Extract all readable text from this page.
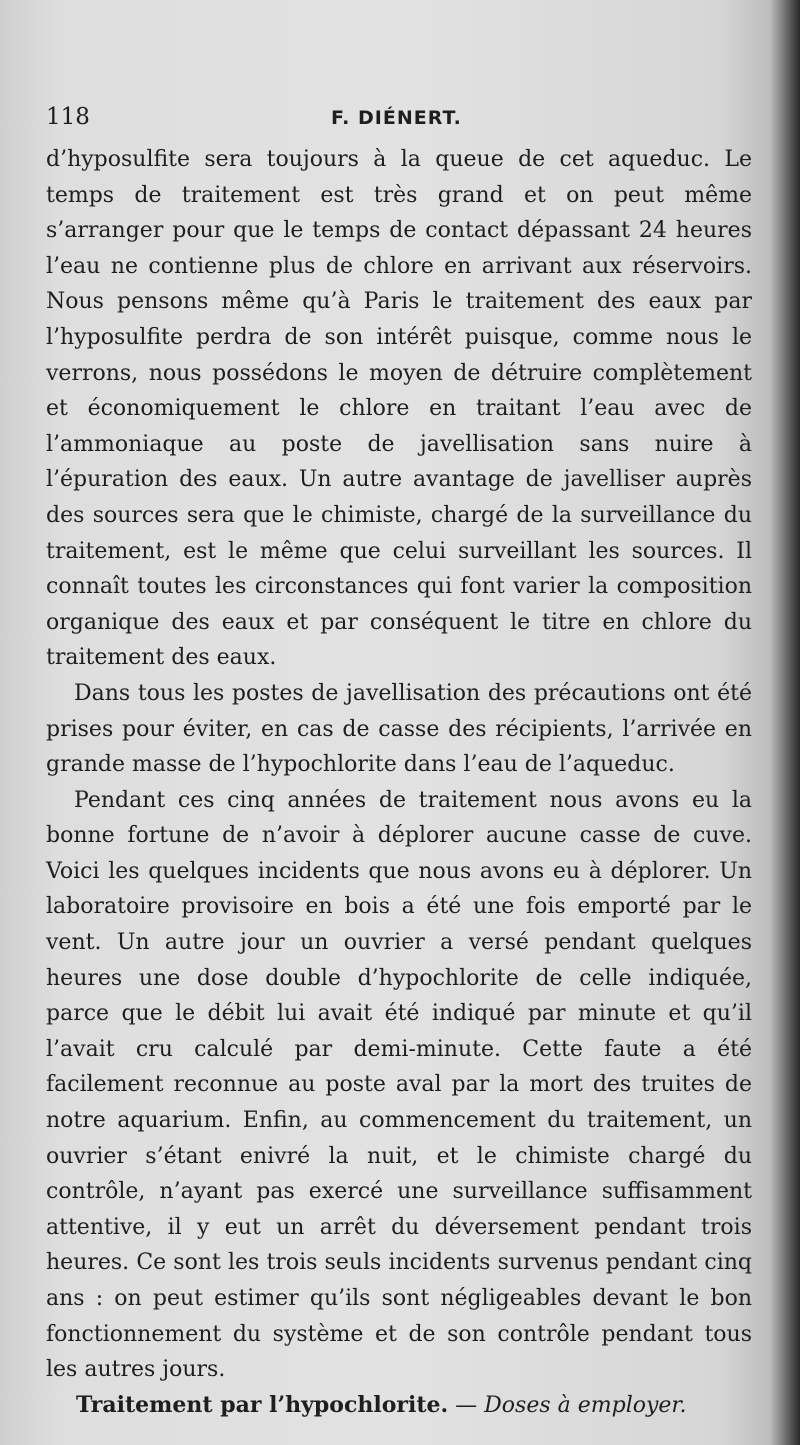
118	F. DIÉNERT.

d’hyposulfite sera toujours à la queue de cet aqueduc. Le temps de traitement est très grand et on peut même s’arranger pour que le temps de contact dépassant 24 heures l’eau ne contienne plus de chlore en arrivant aux réservoirs. Nous pensons même qu’à Paris le traitement des eaux par l’hyposulfite perdra de son intérêt puisque, comme nous le verrons, nous possédons le moyen de détruire complètement et économiquement le chlore en traitant l’eau avec de l’ammoniaque au poste de javellisation sans nuire à l’épuration des eaux. Un autre avantage de javelliser auprès des sources sera que le chimiste, chargé de la surveillance du traitement, est le même que celui surveillant les sources. Il connaît toutes les circonstances qui font varier la composition organique des eaux et par conséquent le titre en chlore du traitement des eaux.

Dans tous les postes de javellisation des précautions ont été prises pour éviter, en cas de casse des récipients, l’arrivée en grande masse de l’hypochlorite dans l’eau de l’aqueduc.

Pendant ces cinq années de traitement nous avons eu la bonne fortune de n’avoir à déplorer aucune casse de cuve. Voici les quelques incidents que nous avons eu à déplorer. Un laboratoire provisoire en bois a été une fois emporté par le vent. Un autre jour un ouvrier a versé pendant quelques heures une dose double d’hypochlorite de celle indiquée, parce que le débit lui avait été indiqué par minute et qu’il l’avait cru calculé par demi-minute. Cette faute a été facilement reconnue au poste aval par la mort des truites de notre aquarium. Enfin, au commencement du traitement, un ouvrier s’étant enivré la nuit, et le chimiste chargé du contrôle, n’ayant pas exercé une surveillance suffisamment attentive, il y eut un arrêt du déversement pendant trois heures. Ce sont les trois seuls incidents survenus pendant cinq ans : on peut estimer qu’ils sont négligeables devant le bon fonctionnement du système et de son contrôle pendant tous les autres jours.

Traitement par l’hypochlorite. — Doses à employer.
